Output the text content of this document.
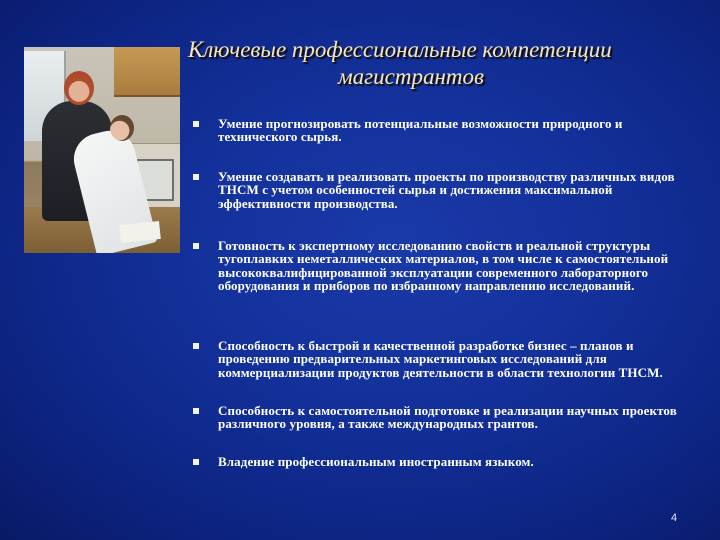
Ключевые профессиональные компетенции
магистрантов
Умение прогнозировать потенциальные возможности природного и технического сырья.
Умение создавать и реализовать проекты по производству различных видов ТНСМ с учетом особенностей сырья и достижения максимальной эффективности производства.
Готовность к экспертному исследованию свойств и реальной структуры тугоплавких неметаллических материалов, в том числе к самостоятельной высококвалифицированной эксплуатации современного лабораторного оборудования и приборов по избранному направлению исследований.
Способность к быстрой и качественной разработке бизнес – планов и проведению предварительных маркетинговых исследований для коммерциализации продуктов деятельности в области технологии ТНСМ.
Способность к самостоятельной подготовке и реализации научных проектов различного уровня, а также международных грантов.
Владение профессиональным иностранным языком.
4
